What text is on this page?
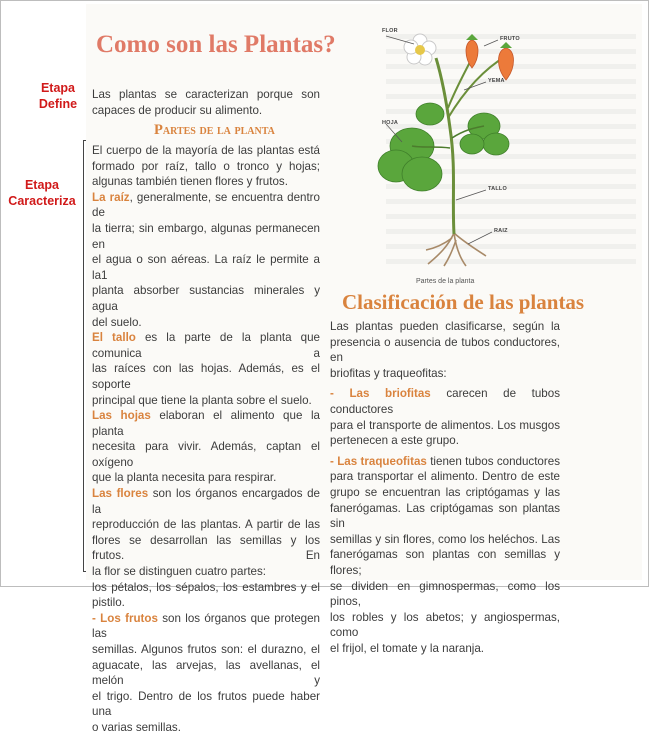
Etapa
Define
Etapa
Caracteriza
Como son las Plantas?
Las plantas se caracterizan porque son
capaces de producir su alimento.
Partes de la planta
El cuerpo de la mayoría de las plantas está
formado por raíz, tallo o tronco y hojas;
algunas también tienen flores y frutos.
La raíz, generalmente, se encuentra dentro de
la tierra; sin embargo, algunas permanecen en
el agua o son aéreas. La raíz le permite a la1
planta absorber sustancias minerales y agua
del suelo.
El tallo es la parte de la planta que comunica a
las raíces con las hojas. Además, es el soporte
principal que tiene la planta sobre el suelo.
Las hojas elaboran el alimento que la planta
necesita para vivir. Además, captan el oxígeno
que la planta necesita para respirar.
Las flores son los órganos encargados de la
reproducción de las plantas. A partir de las
flores se desarrollan las semillas y los frutos. En
la flor se distinguen cuatro partes:
los pétalos, los sépalos, los estambres y el
pistilo.
- Los frutos son los órganos que protegen las
semillas. Algunos frutos son: el durazno, el
aguacate, las arvejas, las avellanas, el melón y
el trigo. Dentro de los frutos puede haber una
o varias semillas.
FLOR
FRUTO
YEMA
HOJA
TALLO
RAIZ
Partes de la planta
Clasificación de las plantas
Las plantas pueden clasificarse, según la
presencia o ausencia de tubos conductores, en
briofitas y traqueofitas:
- Las briofitas carecen de tubos conductores
para el transporte de alimentos. Los musgos
pertenecen a este grupo.
- Las traqueofitas tienen tubos conductores
para transportar el alimento. Dentro de este
grupo se encuentran las criptógamas y las
fanerógamas. Las criptógamas son plantas sin
semillas y sin flores, como los heléchos. Las
fanerógamas son plantas con semillas y flores;
se dividen en gimnospermas, como los pinos,
los robles y los abetos; y angiospermas, como
el frijol, el tomate y la naranja.
